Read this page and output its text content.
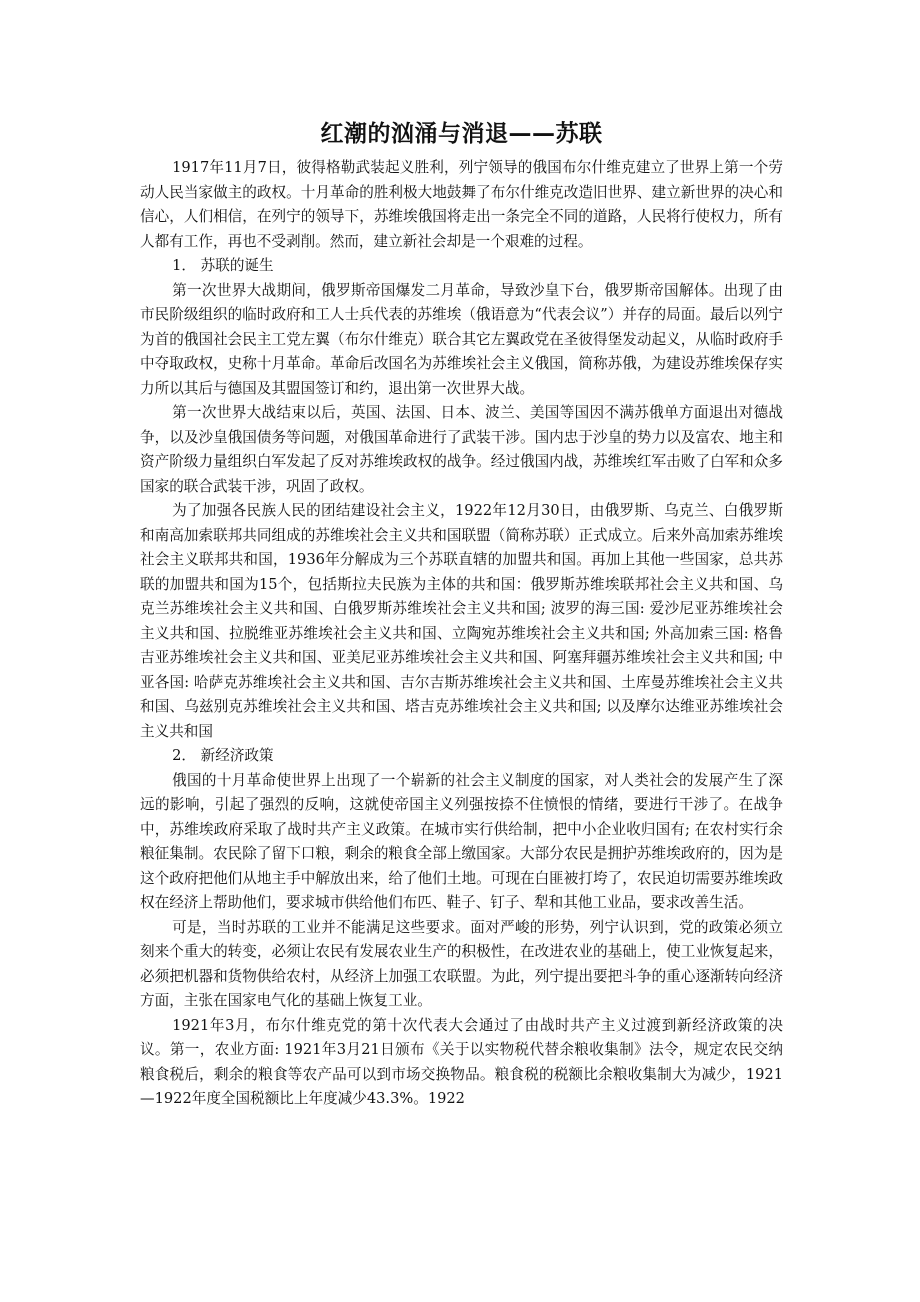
红潮的汹涌与消退——苏联

1917年11月7日，彼得格勒武装起义胜利，列宁领导的俄国布尔什维克建立了世界上第一个劳动人民当家做主的政权。十月革命的胜利极大地鼓舞了布尔什维克改造旧世界、建立新世界的决心和信心，人们相信，在列宁的领导下，苏维埃俄国将走出一条完全不同的道路，人民将行使权力，所有人都有工作，再也不受剥削。然而，建立新社会却是一个艰难的过程。

1． 苏联的诞生

第一次世界大战期间，俄罗斯帝国爆发二月革命，导致沙皇下台，俄罗斯帝国解体。出现了由市民阶级组织的临时政府和工人士兵代表的苏维埃（俄语意为“代表会议”）并存的局面。最后以列宁为首的俄国社会民主工党左翼（布尔什维克）联合其它左翼政党在圣彼得堡发动起义，从临时政府手中夺取政权，史称十月革命。革命后改国名为苏维埃社会主义俄国，简称苏俄，为建设苏维埃保存实力所以其后与德国及其盟国签订和约，退出第一次世界大战。

第一次世界大战结束以后，英国、法国、日本、波兰、美国等国因不满苏俄单方面退出对德战争，以及沙皇俄国债务等问题，对俄国革命进行了武装干涉。国内忠于沙皇的势力以及富农、地主和资产阶级力量组织白军发起了反对苏维埃政权的战争。经过俄国内战，苏维埃红军击败了白军和众多国家的联合武装干涉，巩固了政权。

为了加强各民族人民的团结建设社会主义，1922年12月30日，由俄罗斯、乌克兰、白俄罗斯和南高加索联邦共同组成的苏维埃社会主义共和国联盟（简称苏联）正式成立。后来外高加索苏维埃社会主义联邦共和国，1936年分解成为三个苏联直辖的加盟共和国。再加上其他一些国家，总共苏联的加盟共和国为15个，包括斯拉夫民族为主体的共和国：俄罗斯苏维埃联邦社会主义共和国、乌克兰苏维埃社会主义共和国、白俄罗斯苏维埃社会主义共和国; 波罗的海三国: 爱沙尼亚苏维埃社会主义共和国、拉脱维亚苏维埃社会主义共和国、立陶宛苏维埃社会主义共和国; 外高加索三国: 格鲁吉亚苏维埃社会主义共和国、亚美尼亚苏维埃社会主义共和国、阿塞拜疆苏维埃社会主义共和国; 中亚各国: 哈萨克苏维埃社会主义共和国、吉尔吉斯苏维埃社会主义共和国、土库曼苏维埃社会主义共和国、乌兹别克苏维埃社会主义共和国、塔吉克苏维埃社会主义共和国; 以及摩尔达维亚苏维埃社会主义共和国

2． 新经济政策

俄国的十月革命使世界上出现了一个崭新的社会主义制度的国家，对人类社会的发展产生了深远的影响，引起了强烈的反响，这就使帝国主义列强按捺不住愤恨的情绪，要进行干涉了。在战争中，苏维埃政府采取了战时共产主义政策。在城市实行供给制，把中小企业收归国有; 在农村实行余粮征集制。农民除了留下口粮，剩余的粮食全部上缴国家。大部分农民是拥护苏维埃政府的，因为是这个政府把他们从地主手中解放出来，给了他们土地。可现在白匪被打垮了，农民迫切需要苏维埃政权在经济上帮助他们，要求城市供给他们布匹、鞋子、钉子、犁和其他工业品，要求改善生活。

可是，当时苏联的工业并不能满足这些要求。面对严峻的形势，列宁认识到，党的政策必须立刻来个重大的转变，必须让农民有发展农业生产的积极性，在改进农业的基础上，使工业恢复起来，必须把机器和货物供给农村，从经济上加强工农联盟。为此，列宁提出要把斗争的重心逐渐转向经济方面，主张在国家电气化的基础上恢复工业。

1921年3月，布尔什维克党的第十次代表大会通过了由战时共产主义过渡到新经济政策的决议。第一，农业方面: 1921年3月21日颁布《关于以实物税代替余粮收集制》法令，规定农民交纳粮食税后，剩余的粮食等农产品可以到市场交换物品。粮食税的税额比余粮收集制大为减少，1921—1922年度全国税额比上年度减少43.3%。1922
